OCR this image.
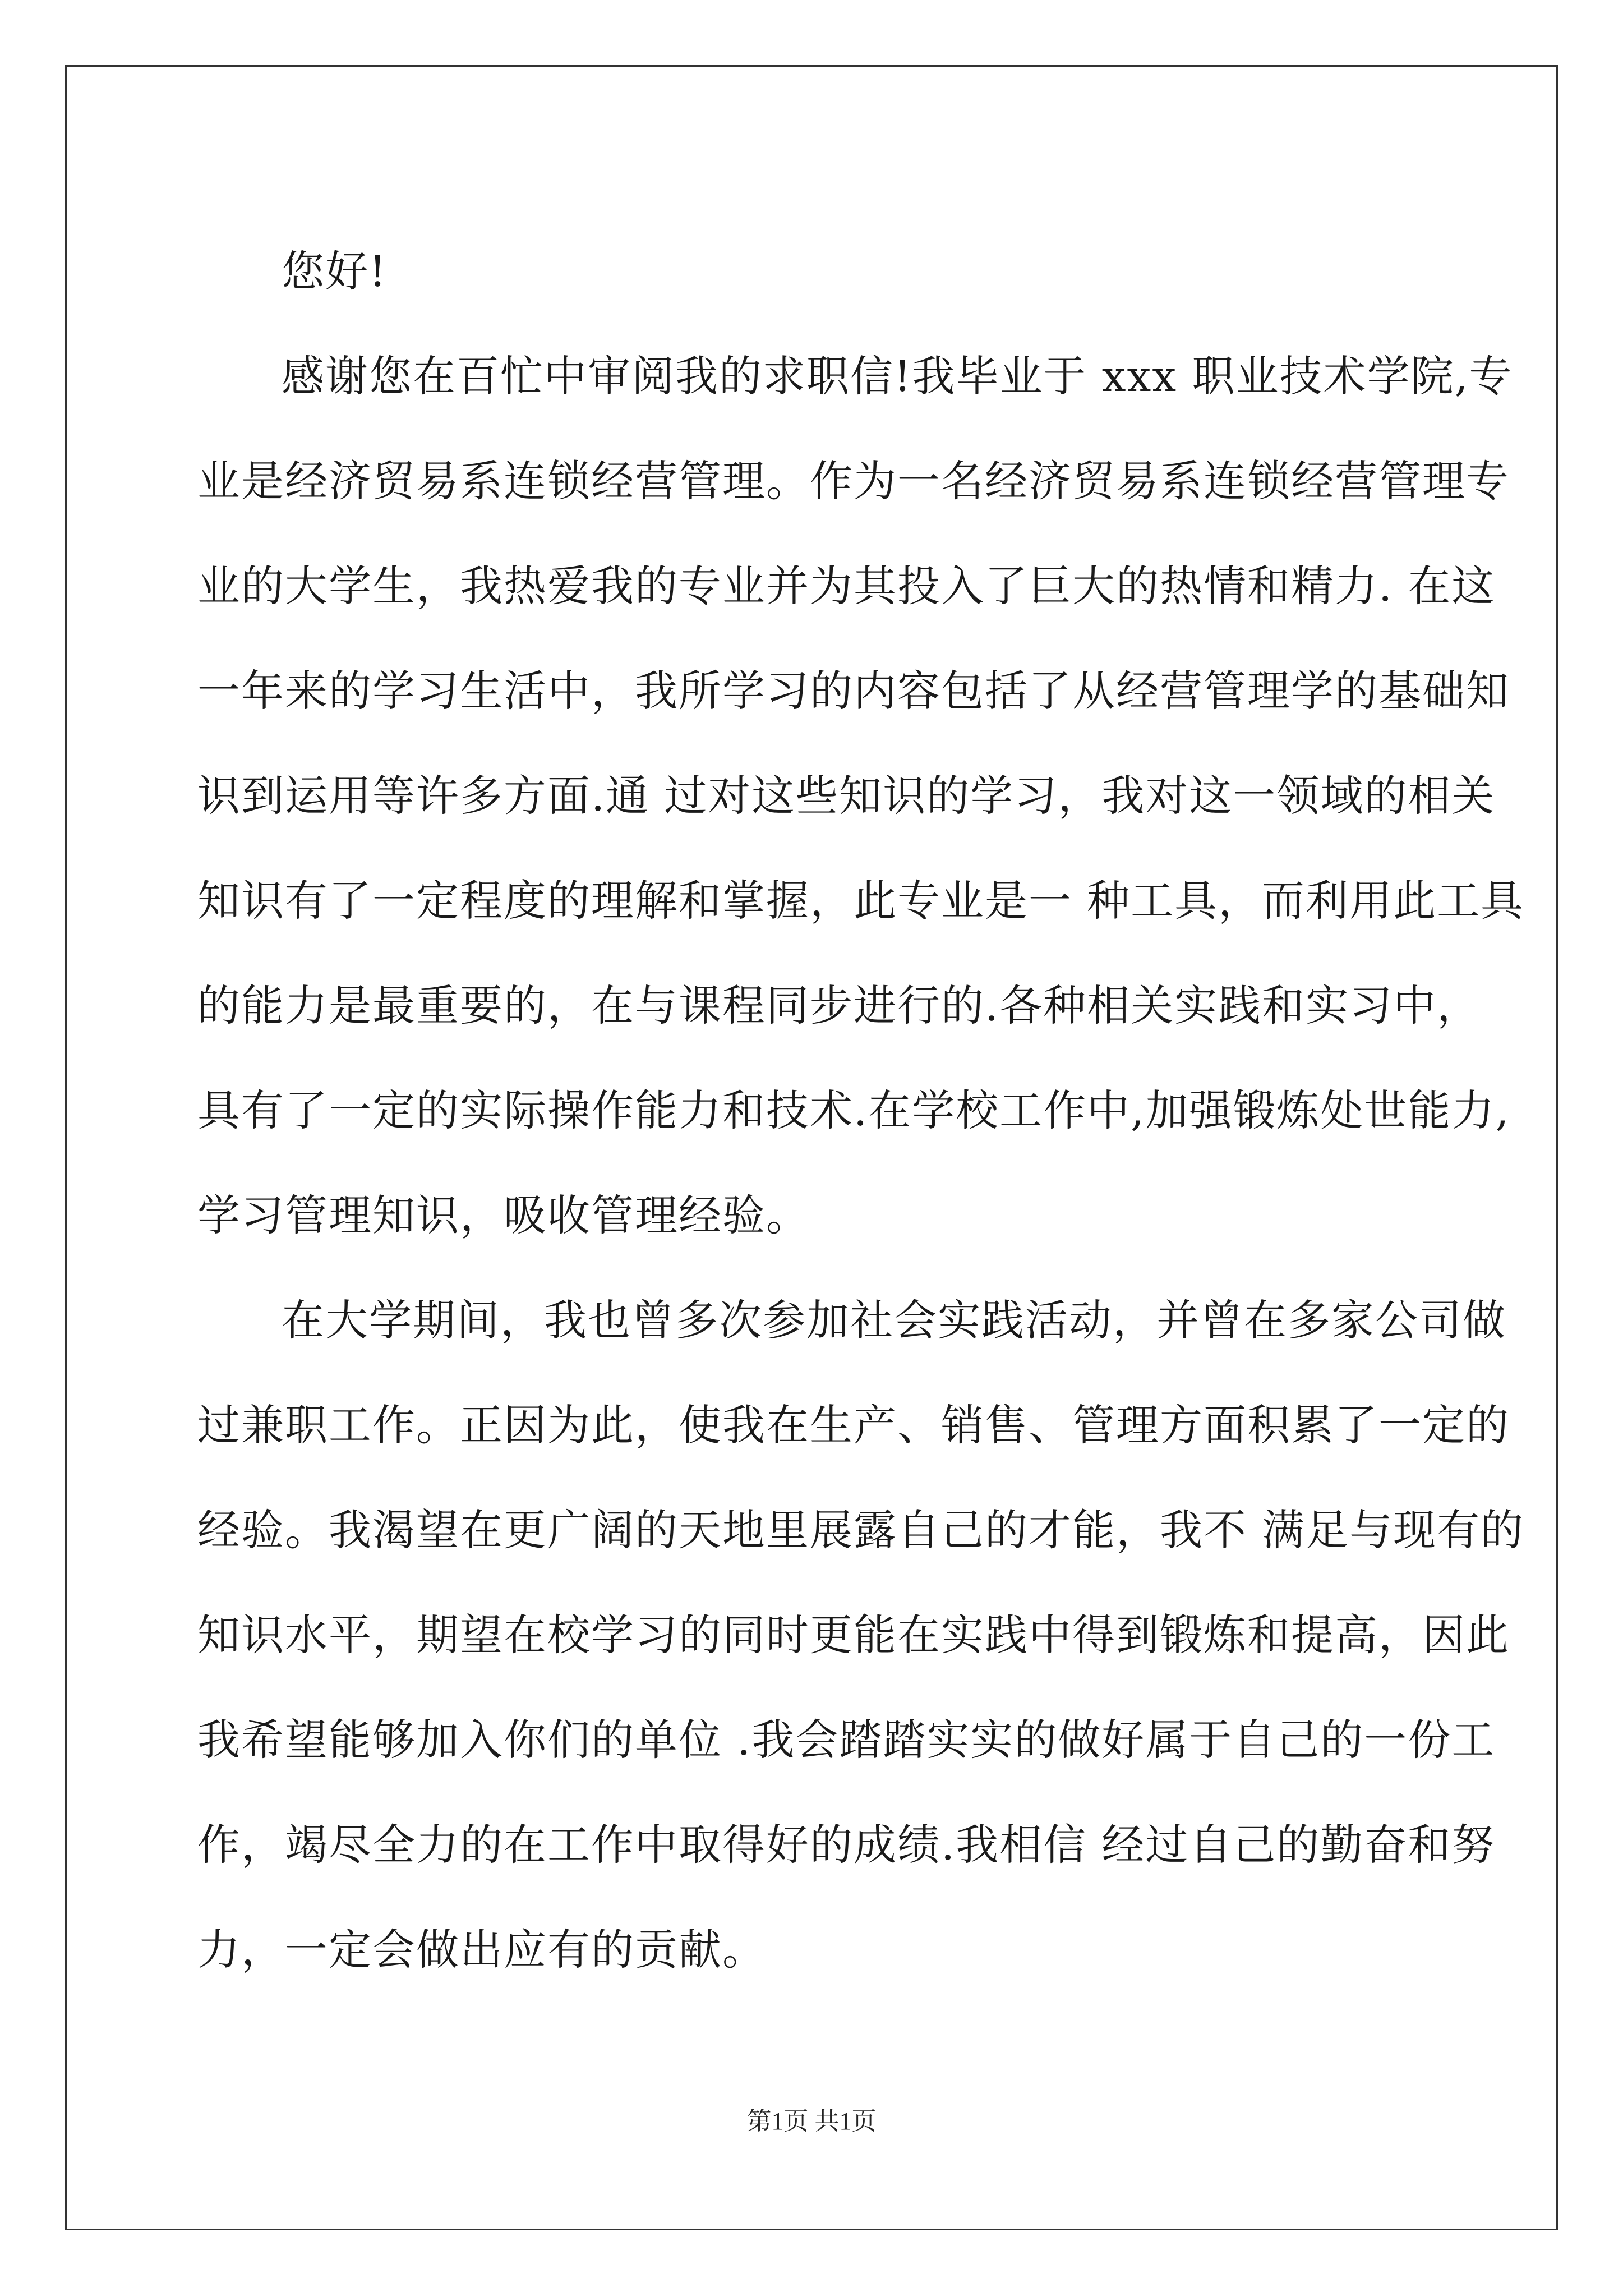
您好!
感谢您在百忙中审阅我的求职信!我毕业于 xxx 职业技术学院,专
业是经济贸易系连锁经营管理。作为一名经济贸易系连锁经营管理专
业的大学生，我热爱我的专业并为其投入了巨大的热情和精力. 在这
一年来的学习生活中，我所学习的内容包括了从经营管理学的基础知
识到运用等许多方面.通 过对这些知识的学习，我对这一领域的相关
知识有了一定程度的理解和掌握，此专业是一 种工具，而利用此工具
的能力是最重要的，在与课程同步进行的.各种相关实践和实习中，
具有了一定的实际操作能力和技术.在学校工作中,加强锻炼处世能力,
学习管理知识，吸收管理经验。
在大学期间，我也曾多次参加社会实践活动，并曾在多家公司做
过兼职工作。正因为此，使我在生产、销售、管理方面积累了一定的
经验。我渴望在更广阔的天地里展露自己的才能，我不 满足与现有的
知识水平，期望在校学习的同时更能在实践中得到锻炼和提高，因此
我希望能够加入你们的单位 .我会踏踏实实的做好属于自己的一份工
作，竭尽全力的在工作中取得好的成绩.我相信 经过自己的勤奋和努
力，一定会做出应有的贡献。
第1页 共1页
